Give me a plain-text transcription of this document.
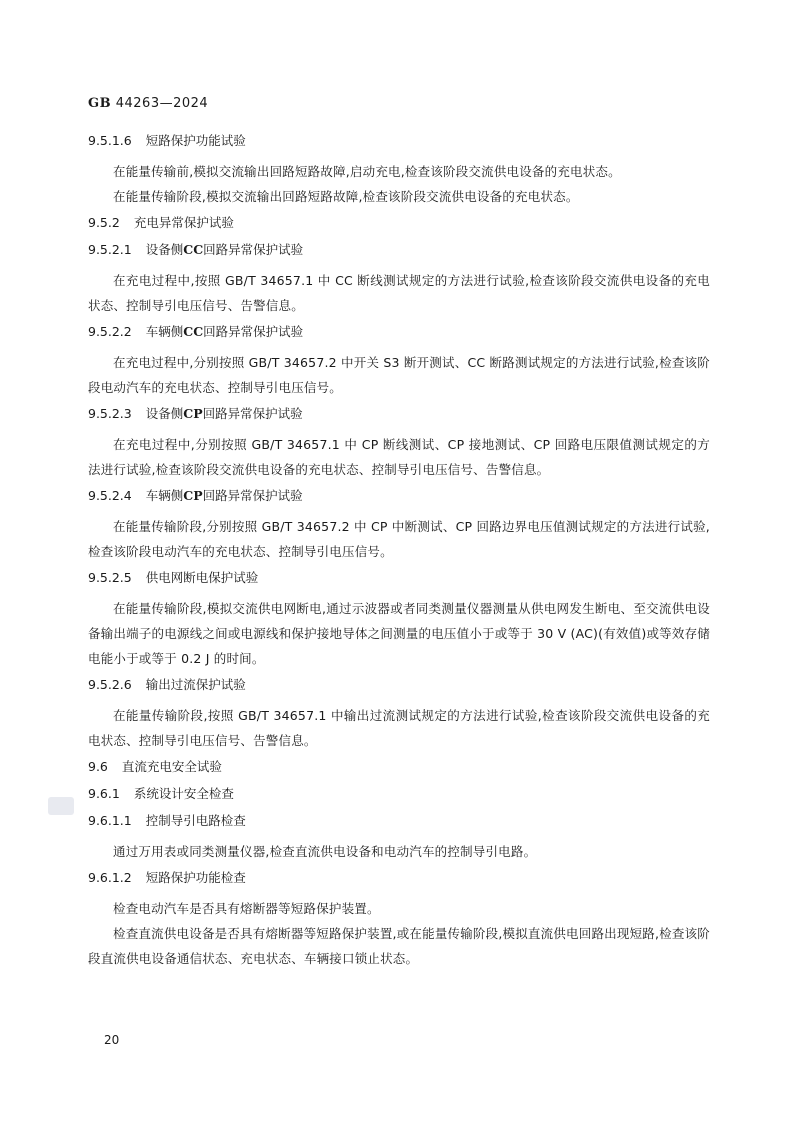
GB 44263—2024
9.5.1.6 短路保护功能试验

在能量传输前,模拟交流输出回路短路故障,启动充电,检查该阶段交流供电设备的充电状态。

在能量传输阶段,模拟交流输出回路短路故障,检查该阶段交流供电设备的充电状态。

9.5.2 充电异常保护试验
9.5.2.1 设备侧CC回路异常保护试验

在充电过程中,按照 GB/T 34657.1 中 CC 断线测试规定的方法进行试验,检查该阶段交流供电设备的充电状态、控制导引电压信号、告警信息。

9.5.2.2 车辆侧CC回路异常保护试验

在充电过程中,分别按照 GB/T 34657.2 中开关 S3 断开测试、CC 断路测试规定的方法进行试验,检查该阶段电动汽车的充电状态、控制导引电压信号。

9.5.2.3 设备侧CP回路异常保护试验

在充电过程中,分别按照 GB/T 34657.1 中 CP 断线测试、CP 接地测试、CP 回路电压限值测试规定的方法进行试验,检查该阶段交流供电设备的充电状态、控制导引电压信号、告警信息。

9.5.2.4 车辆侧CP回路异常保护试验

在能量传输阶段,分别按照 GB/T 34657.2 中 CP 中断测试、CP 回路边界电压值测试规定的方法进行试验,检查该阶段电动汽车的充电状态、控制导引电压信号。

9.5.2.5 供电网断电保护试验

在能量传输阶段,模拟交流供电网断电,通过示波器或者同类测量仪器测量从供电网发生断电、至交流供电设备输出端子的电源线之间或电源线和保护接地导体之间测量的电压值小于或等于 30 V (AC)(有效值)或等效存储电能小于或等于 0.2 J 的时间。

9.5.2.6 输出过流保护试验

在能量传输阶段,按照 GB/T 34657.1 中输出过流测试规定的方法进行试验,检查该阶段交流供电设备的充电状态、控制导引电压信号、告警信息。

9.6 直流充电安全试验
9.6.1 系统设计安全检查
9.6.1.1 控制导引电路检查

通过万用表或同类测量仪器,检查直流供电设备和电动汽车的控制导引电路。

9.6.1.2 短路保护功能检查

检查电动汽车是否具有熔断器等短路保护装置。

检查直流供电设备是否具有熔断器等短路保护装置,或在能量传输阶段,模拟直流供电回路出现短路,检查该阶段直流供电设备通信状态、充电状态、车辆接口锁止状态。

20
